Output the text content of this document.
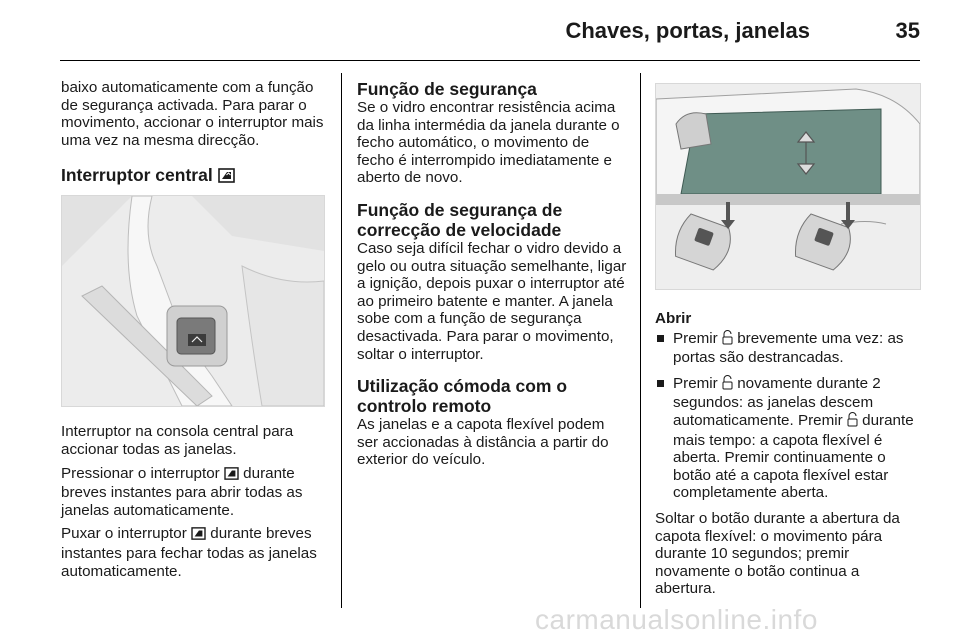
Chaves, portas, janelas	35

baixo automaticamente com a função de segurança activada. Para parar o movimento, accionar o interruptor mais uma vez na mesma direcção.

Interruptor central

Interruptor na consola central para accionar todas as janelas.

Pressionar o interruptor durante breves instantes para abrir todas as janelas automaticamente.

Puxar o interruptor durante breves instantes para fechar todas as janelas automaticamente.

Função de segurança

Se o vidro encontrar resistência acima da linha intermédia da janela durante o fecho automático, o movimento de fecho é interrompido imediatamente e aberto de novo.

Função de segurança de correcção de velocidade

Caso seja difícil fechar o vidro devido a gelo ou outra situação semelhante, ligar a ignição, depois puxar o interruptor até ao primeiro batente e manter. A janela sobe com a função de segurança desactivada. Para parar o movimento, soltar o interruptor.

Utilização cómoda com o controlo remoto

As janelas e a capota flexível podem ser accionadas à distância a partir do exterior do veículo.

Abrir
Premir brevemente uma vez: as portas são destrancadas.
Premir novamente durante 2 segundos: as janelas descem automaticamente. Premir durante mais tempo: a capota flexível é aberta. Premir continuamente o botão até a capota flexível estar completamente aberta.

Soltar o botão durante a abertura da capota flexível: o movimento pára durante 10 segundos; premir novamente o botão continua a abertura.

carmanualsonline.info
